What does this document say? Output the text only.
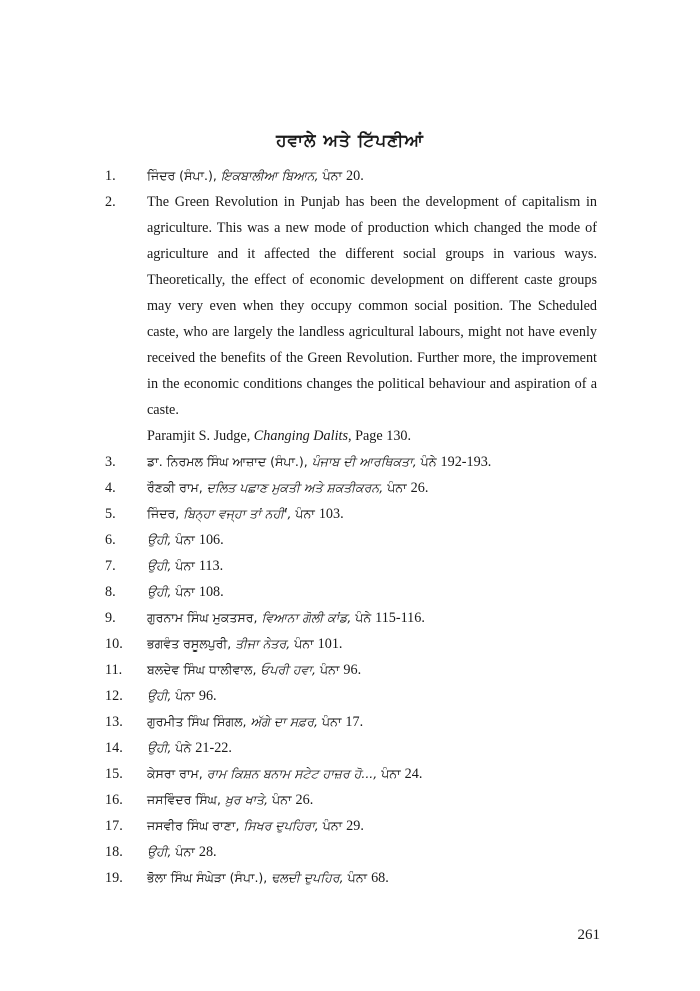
ਹਵਾਲੇ ਅਤੇ ਟਿੱਪਣੀਆਂ
1.	ਜਿੰਦਰ (ਸੰਪਾ.), ਇਕਬਾਲੀਆ ਬਿਆਨ, ਪੰਨਾ 20.
2.	The Green Revolution in Punjab has been the development of capitalism in agriculture. This was a new mode of production which changed the mode of agriculture and it affected the different social groups in various ways. Theoretically, the effect of economic development on different caste groups may very even when they occupy common social position. The Scheduled caste, who are largely the landless agricultural labours, might not have evenly received the benefits of the Green Revolution. Further more, the improvement in the economic conditions changes the political behaviour and aspiration of a caste.
Paramjit S. Judge, Changing Dalits, Page 130.
3.	ਡਾ. ਨਿਰਮਲ ਸਿੰਘ ਆਜ਼ਾਦ (ਸੰਪਾ.), ਪੰਜਾਬ ਦੀ ਆਰਥਿਕਤਾ, ਪੰਨੇ 192-193.
4.	ਰੌਣਕੀ ਰਾਮ, ਦਲਿਤ ਪਛਾਣ ਮੁਕਤੀ ਅਤੇ ਸ਼ਕਤੀਕਰਨ, ਪੰਨਾ 26.
5.	ਜਿੰਦਰ, ਬਿਨ੍ਹਾ ਵਜ੍ਹਾ ਤਾਂ ਨਹੀਂ', ਪੰਨਾ 103.
6.	ਉਹੀ, ਪੰਨਾ 106.
7.	ਉਹੀ, ਪੰਨਾ 113.
8.	ਉਹੀ, ਪੰਨਾ 108.
9.	ਗੁਰਨਾਮ ਸਿੰਘ ਮੁਕਤਸਰ, ਵਿਆਨਾ ਗੋਲੀ ਕਾਂਡ, ਪੰਨੇ 115-116.
10.	ਭਗਵੰਤ ਰਸੂਲਪੁਰੀ, ਤੀਜਾ ਨੇਤਰ, ਪੰਨਾ 101.
11.	ਬਲਦੇਵ ਸਿੰਘ ਧਾਲੀਵਾਲ, ਓਪਰੀ ਹਵਾ, ਪੰਨਾ 96.
12.	ਉਹੀ, ਪੰਨਾ 96.
13.	ਗੁਰਮੀਤ ਸਿੰਘ ਸਿੰਗਲ, ਅੱਗੇ ਦਾ ਸਫ਼ਰ, ਪੰਨਾ 17.
14.	ਉਹੀ, ਪੰਨੇ 21-22.
15.	ਕੇਸਰਾ ਰਾਮ, ਰਾਮ ਕਿਸ਼ਨ ਬਨਾਮ ਸਟੇਟ ਹਾਜ਼ਰ ਹੋ..., ਪੰਨਾ 24.
16.	ਜਸਵਿੰਦਰ ਸਿੰਘ, ਖ਼ੁਰ ਖਾਤੇ, ਪੰਨਾ 26.
17.	ਜਸਵੀਰ ਸਿੰਘ ਰਾਣਾ, ਸਿਖਰ ਦੁਪਹਿਰਾ, ਪੰਨਾ 29.
18.	ਉਹੀ, ਪੰਨਾ 28.
19.	ਭੋਲਾ ਸਿੰਘ ਸੰਘੇੜਾ (ਸੰਪਾ.), ਢਲਦੀ ਦੁਪਹਿਰ, ਪੰਨਾ 68.
261
